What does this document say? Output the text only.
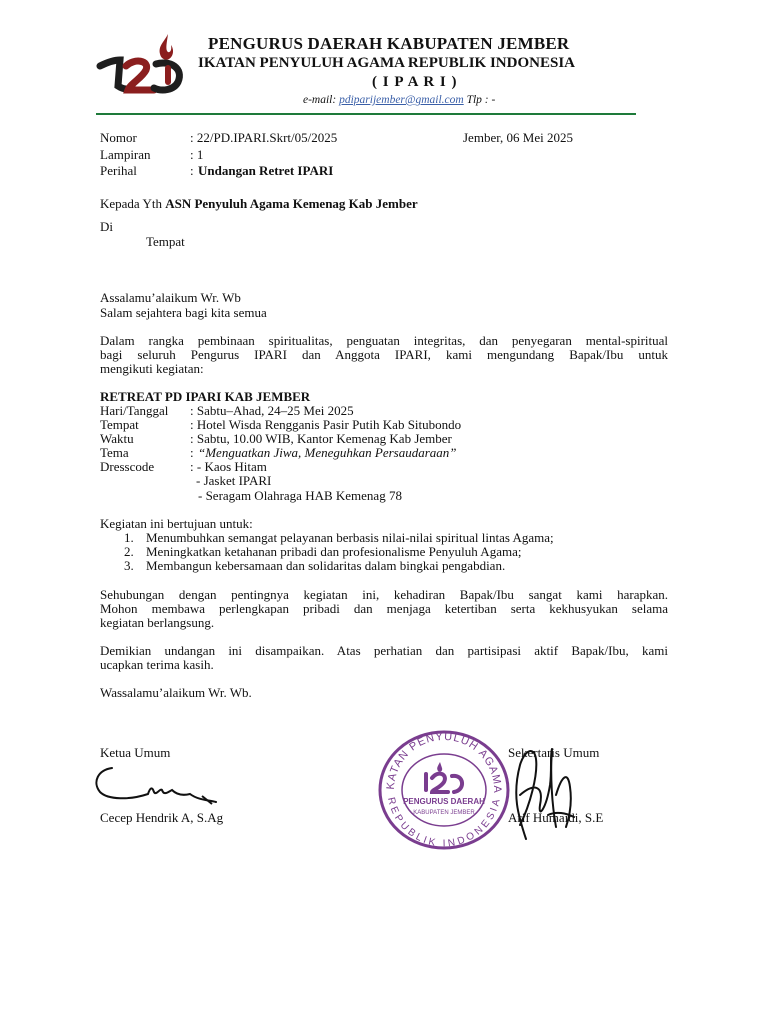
PENGURUS DAERAH KABUPATEN JEMBER
IKATAN PENYULUH AGAMA REPUBLIK INDONESIA
( I P A R I )
e-mail: pdiparijember@gmail.com Tlp : -
Nomor	: 22/PD.IPARI.Skrt/05/2025	Jember, 06 Mei 2025
Lampiran	: 1
Perihal	: Undangan Retret IPARI
Kepada Yth ASN Penyuluh Agama Kemenag Kab Jember
Di
Tempat
Assalamu’alaikum Wr. Wb
Salam sejahtera bagi kita semua
Dalam rangka pembinaan spiritualitas, penguatan integritas, dan penyegaran mental-spiritual
bagi seluruh Pengurus IPARI dan Anggota IPARI, kami mengundang Bapak/Ibu untuk
mengikuti kegiatan:
RETREAT PD IPARI KAB JEMBER
Hari/Tanggal : Sabtu–Ahad, 24–25 Mei 2025
Tempat	: Hotel Wisda Rengganis Pasir Putih Kab Situbondo
Waktu	: Sabtu, 10.00 WIB, Kantor Kemenag Kab Jember
Tema	: “Menguatkan Jiwa, Meneguhkan Persaudaraan”
Dresscode	: - Kaos Hitam
- Jasket IPARI
- Seragam Olahraga HAB Kemenag 78
Kegiatan ini bertujuan untuk:
1. Menumbuhkan semangat pelayanan berbasis nilai-nilai spiritual lintas Agama;
2. Meningkatkan ketahanan pribadi dan profesionalisme Penyuluh Agama;
3. Membangun kebersamaan dan solidaritas dalam bingkai pengabdian.
Sehubungan dengan pentingnya kegiatan ini, kehadiran Bapak/Ibu sangat kami harapkan.
Mohon membawa perlengkapan pribadi dan menjaga ketertiban serta kekhusyukan selama
kegiatan berlangsung.
Demikian undangan ini disampaikan. Atas perhatian dan partisipasi aktif Bapak/Ibu, kami
ucapkan terima kasih.
Wassalamu’alaikum Wr. Wb.
Ketua Umum
Cecep Hendrik A, S.Ag
KATAN PENYULUH AGAMA
REPUBLIK INDONESIA
PENGURUS DAERAH
KABUPATEN JEMBER
Sekertaris Umum
Arif Humaidi, S.E
